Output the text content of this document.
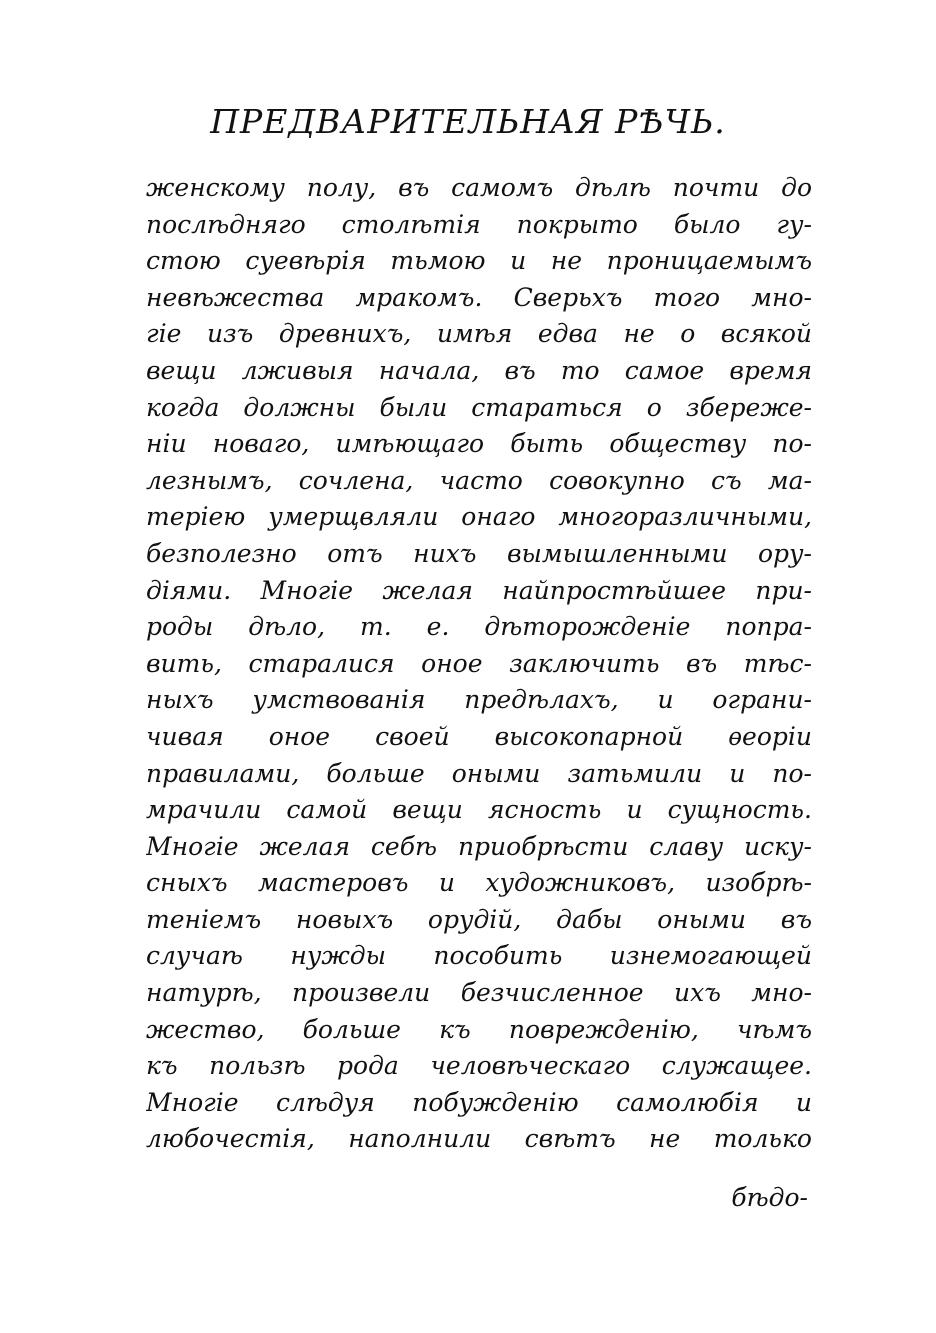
ПРЕДВАРИТЕЛЬНАЯ РѢЧЬ.
женскому полу, въ самомъ дѣлѣ почти до
послѣдняго столѣтія покрыто было гу-
стою суевѣрія тьмою и не проницаемымъ
невѣжества мракомъ. Сверьхъ того мно-
гіе изъ древнихъ, имѣя едва не о всякой
вещи лживыя начала, въ то самое время
когда должны были стараться о збереже-
ніи новаго, имѣющаго быть обществу по-
лезнымъ, сочлена, часто совокупно съ ма-
теріею умерщвляли онаго многоразличными,
безполезно отъ нихъ вымышленными ору-
діями. Многіе желая найпростѣйшее при-
роды дѣло, т. е. дѣторожденіе попра-
вить, старалися оное заключить въ тѣс-
ныхъ умствованія предѣлахъ, и ограни-
чивая оное своей высокопарной ѳеоріи
правилами, больше оными затьмили и по-
мрачили самой вещи ясность и сущность.
Многіе желая себѣ приобрѣсти славу иску-
сныхъ мастеровъ и художниковъ, изобрѣ-
теніемъ новыхъ орудій, дабы оными въ
случаѣ нужды пособить изнемогающей
натурѣ, произвели безчисленное ихъ мно-
жество, больше къ поврежденію, чѣмъ
къ пользѣ рода человѣческаго служащее.
Многіе слѣдуя побужденію самолюбія и
любочестія, наполнили свѣтъ не только
бѣдо-
